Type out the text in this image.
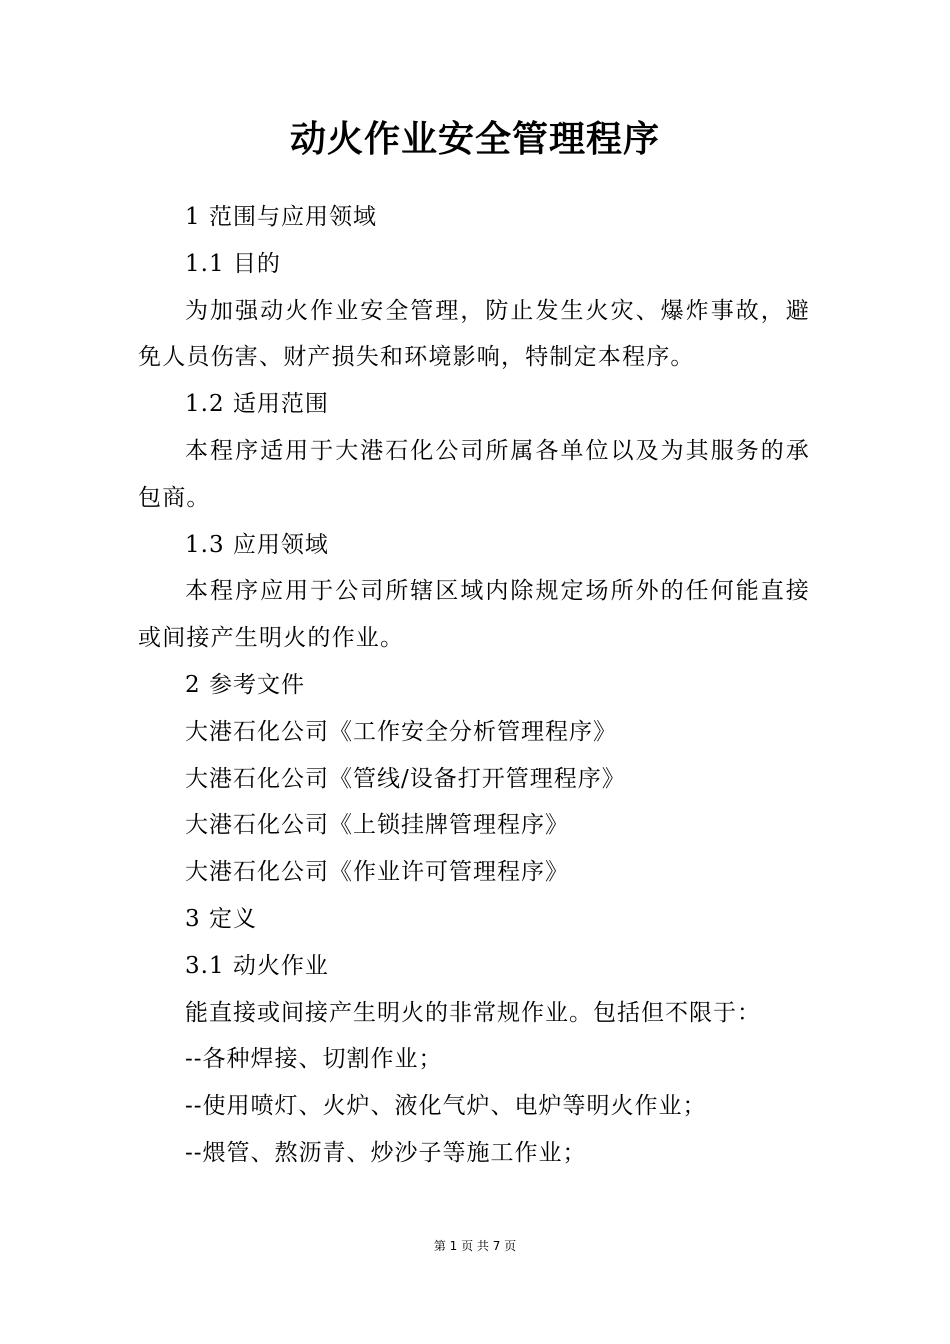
动火作业安全管理程序

1 范围与应用领域

1.1 目的

为加强动火作业安全管理，防止发生火灾、爆炸事故，避免人员伤害、财产损失和环境影响，特制定本程序。

1.2 适用范围

本程序适用于大港石化公司所属各单位以及为其服务的承包商。

1.3 应用领域

本程序应用于公司所辖区域内除规定场所外的任何能直接或间接产生明火的作业。

2 参考文件

大港石化公司《工作安全分析管理程序》

大港石化公司《管线/设备打开管理程序》

大港石化公司《上锁挂牌管理程序》

大港石化公司《作业许可管理程序》

3 定义

3.1 动火作业

能直接或间接产生明火的非常规作业。包括但不限于：

--各种焊接、切割作业；

--使用喷灯、火炉、液化气炉、电炉等明火作业；

--煨管、熬沥青、炒沙子等施工作业；

第 1 页 共 7 页
